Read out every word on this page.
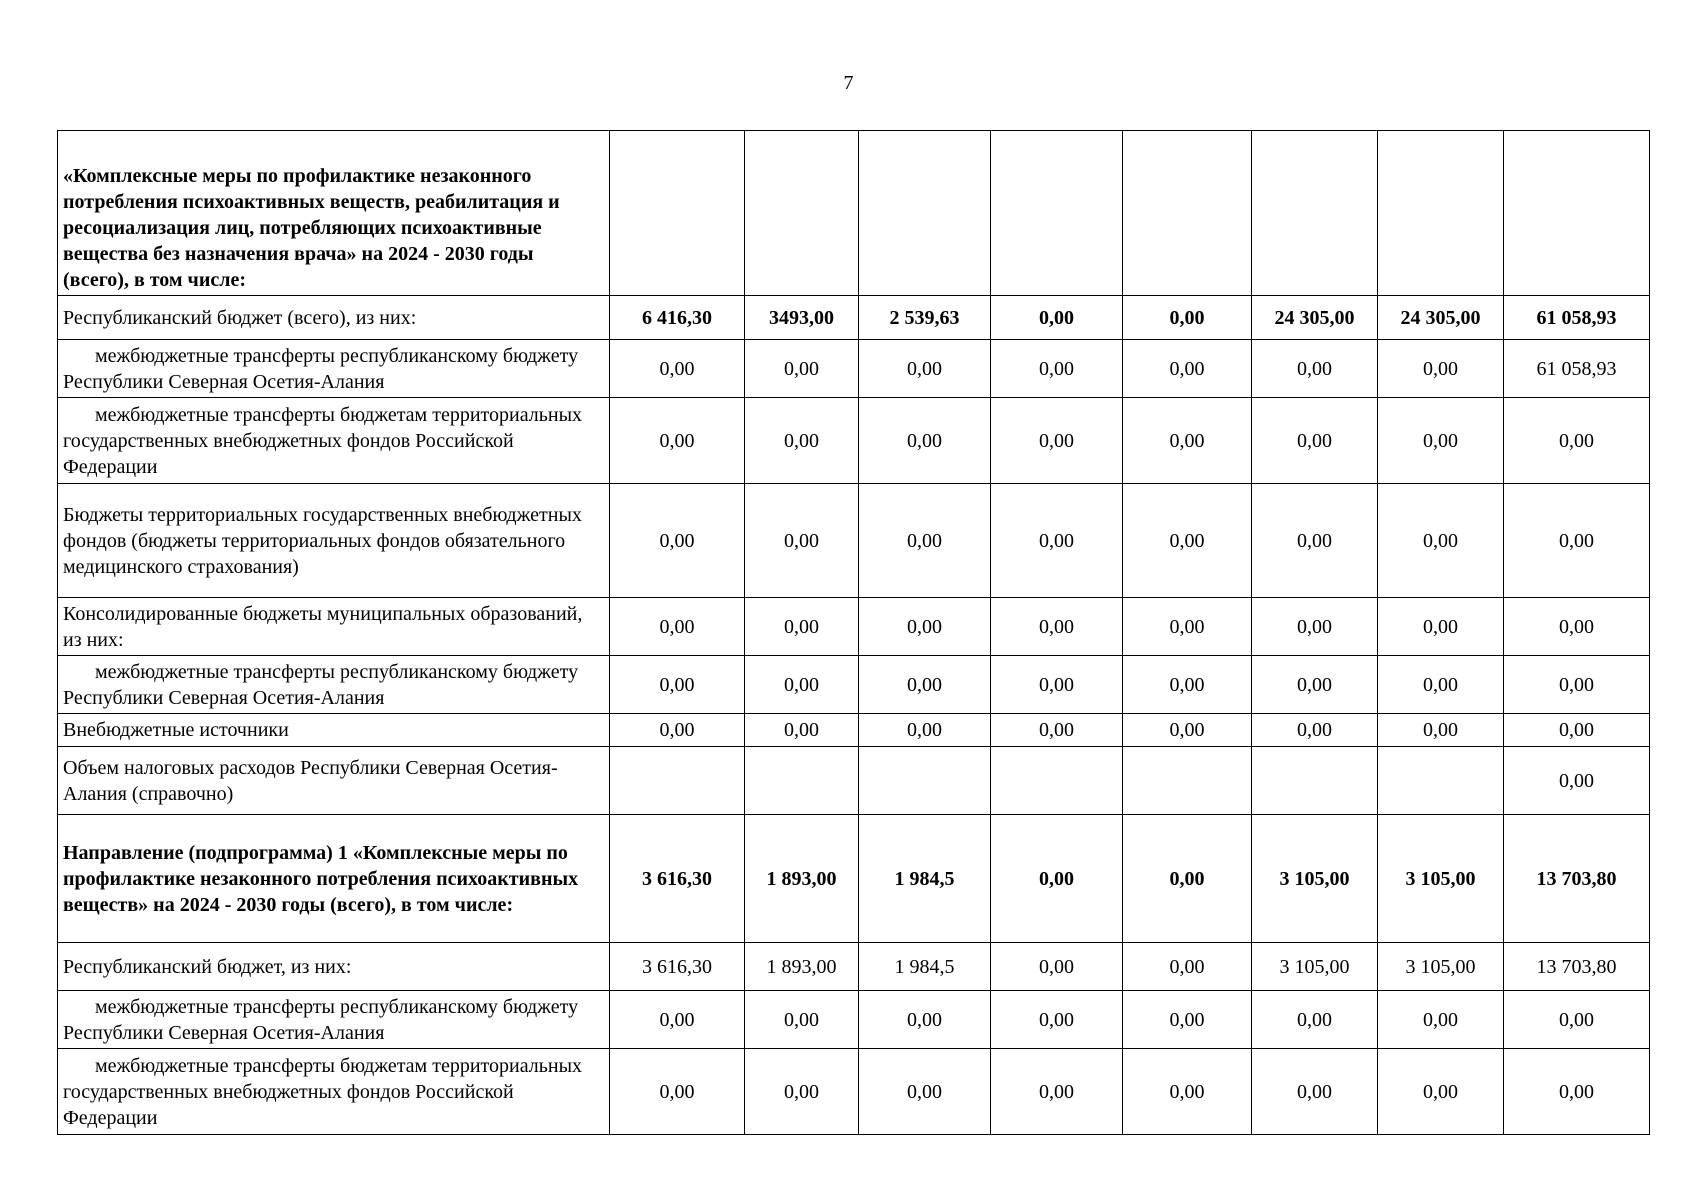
7
«Комплексные меры по профилактике незаконного потребления психоактивных веществ, реабилитация и ресоциализация лиц, потребляющих психоактивные вещества без назначения врача» на 2024 - 2030 годы (всего), в том числе:								
Республиканский бюджет (всего), из них:	6 416,30	3493,00	2 539,63	0,00	0,00	24 305,00	24 305,00	61 058,93
межбюджетные трансферты республиканскому бюджету Республики Северная Осетия-Алания	0,00	0,00	0,00	0,00	0,00	0,00	0,00	61 058,93
межбюджетные трансферты бюджетам территориальных государственных внебюджетных фондов Российской Федерации	0,00	0,00	0,00	0,00	0,00	0,00	0,00	0,00
Бюджеты территориальных государственных внебюджетных фондов (бюджеты территориальных фондов обязательного медицинского страхования)	0,00	0,00	0,00	0,00	0,00	0,00	0,00	0,00
Консолидированные бюджеты муниципальных образований, из них:	0,00	0,00	0,00	0,00	0,00	0,00	0,00	0,00
межбюджетные трансферты республиканскому бюджету Республики Северная Осетия-Алания	0,00	0,00	0,00	0,00	0,00	0,00	0,00	0,00
Внебюджетные источники	0,00	0,00	0,00	0,00	0,00	0,00	0,00	0,00
Объем налоговых расходов Республики Северная Осетия-Алания (справочно)								0,00
Направление (подпрограмма) 1 «Комплексные меры по профилактике незаконного потребления психоактивных веществ» на 2024 - 2030 годы (всего), в том числе:	3 616,30	1 893,00	1 984,5	0,00	0,00	3 105,00	3 105,00	13 703,80
Республиканский бюджет, из них:	3 616,30	1 893,00	1 984,5	0,00	0,00	3 105,00	3 105,00	13 703,80
межбюджетные трансферты республиканскому бюджету Республики Северная Осетия-Алания	0,00	0,00	0,00	0,00	0,00	0,00	0,00	0,00
межбюджетные трансферты бюджетам территориальных государственных внебюджетных фондов Российской Федерации	0,00	0,00	0,00	0,00	0,00	0,00	0,00	0,00
